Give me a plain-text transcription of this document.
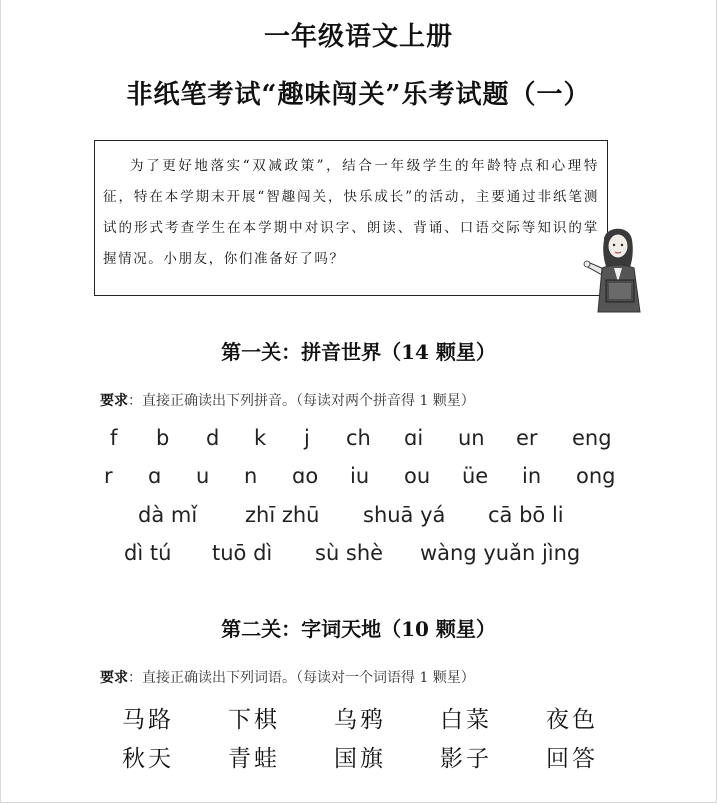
一年级语文上册
非纸笔考试“趣味闯关”乐考试题（一）

为了更好地落实“双减政策”，结合一年级学生的年龄特点和心理特征，特在本学期末开展“智趣闯关，快乐成长”的活动，主要通过非纸笔测试的形式考查学生在本学期中对识字、朗读、背诵、口语交际等知识的掌握情况。小朋友，你们准备好了吗？

第一关：拼音世界（14 颗星）
要求：直接正确读出下列拼音。（每读对两个拼音得 1 颗星）
f b d k j ch ɑi un er eng
r ɑ u n ɑo iu ou üe in ong
dà mǐ zhī zhū shuā yá cā bō li
dì tú tuō dì sù shè wàng yuǎn jìng
第二关：字词天地（10 颗星）
要求：直接正确读出下列词语。（每读对一个词语得 1 颗星）
马路 下棋 乌鸦 白菜 夜色
秋天 青蛙 国旗 影子 回答
